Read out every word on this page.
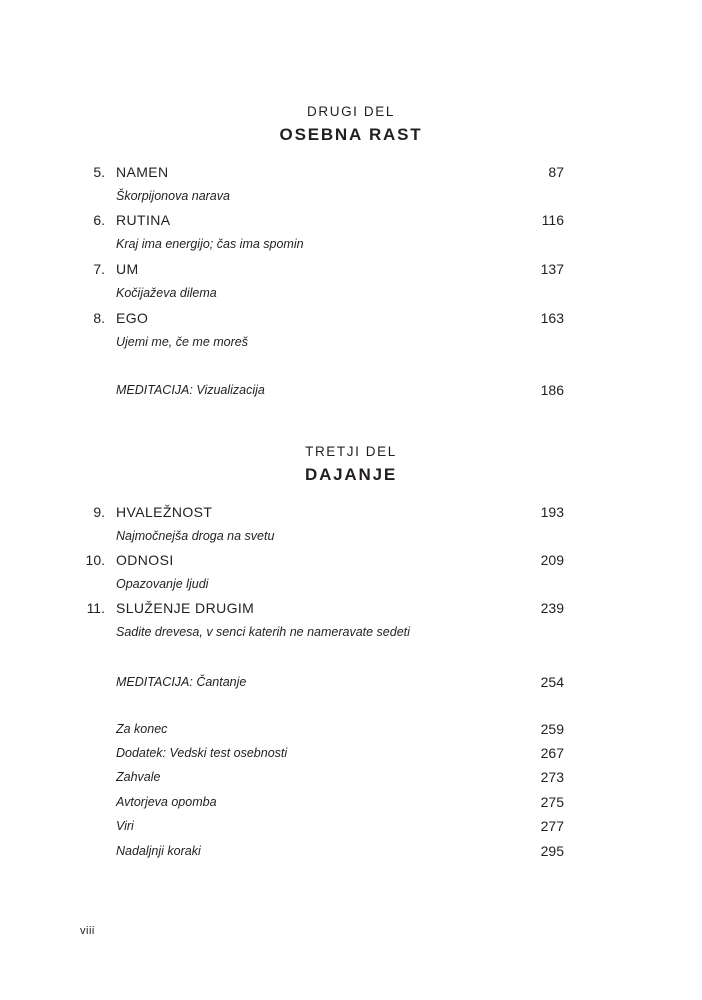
DRUGI DEL
OSEBNA RAST
5. NAMEN	87
Škorpijonova narava
6. RUTINA	116
Kraj ima energijo; čas ima spomin
7. UM	137
Kočijaževa dilema
8. EGO	163
Ujemi me, če me moreš
MEDITACIJA: Vizualizacija	186
TRETJI DEL
DAJANJE
9. HVALEŽNOST	193
Najmočnejša droga na svetu
10. ODNOSI	209
Opazovanje ljudi
11. SLUŽENJE DRUGIM	239
Sadite drevesa, v senci katerih ne nameravate sedeti
MEDITACIJA: Čantanje	254
Za konec	259
Dodatek: Vedski test osebnosti	267
Zahvale	273
Avtorjeva opomba	275
Viri	277
Nadaljnji koraki	295
viii
